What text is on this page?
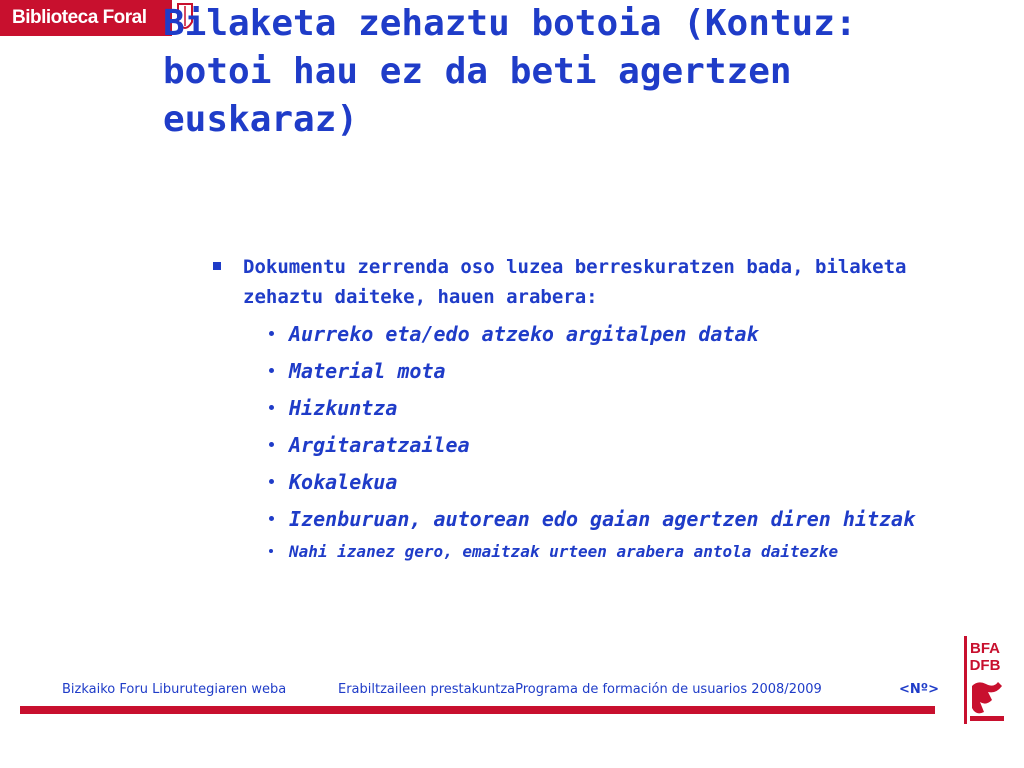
Biblioteca Foral Bilaketa zehaztu botoia (Kontuz: botoi hau ez da beti agertzen euskaraz)

Dokumentu zerrenda oso luzea berreskuratzen bada, bilaketa zehaztu daiteke, hauen arabera:

Aurreko eta/edo atzeko argitalpen datak
Material mota
Hizkuntza
Argitaratzailea
Kokalekua
Izenburuan, autorean edo gaian agertzen diren hitzak
Nahi izanez gero, emaitzak urteen arabera antola daitezke
Bizkaiko Foru Liburutegiaren weba	Erabiltzaileen prestakuntzaPrograma de formación de usuarios 2008/2009	<Nº>
BFA
DFB
